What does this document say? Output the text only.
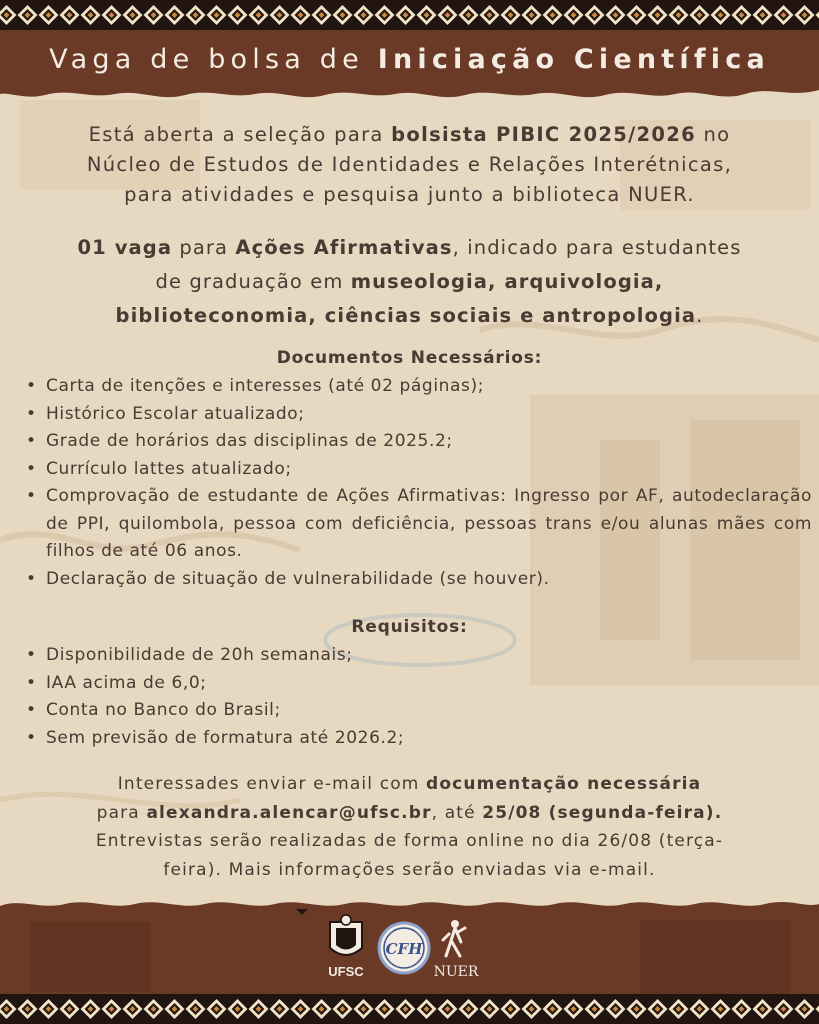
Vaga de bolsa de Iniciação Científica
Está aberta a seleção para bolsista PIBIC 2025/2026 no
Núcleo de Estudos de Identidades e Relações Interétnicas,
para atividades e pesquisa junto a biblioteca NUER.
01 vaga para Ações Afirmativas, indicado para estudantes
de graduação em museologia, arquivologia,
biblioteconomia, ciências sociais e antropologia.
Documentos Necessários:
• Carta de itenções e interesses (até 02 páginas);
• Histórico Escolar atualizado;
• Grade de horários das disciplinas de 2025.2;
• Currículo lattes atualizado;
• Comprovação de estudante de Ações Afirmativas: Ingresso por AF, autodeclaração de PPI, quilombola, pessoa com deficiência, pessoas trans e/ou alunas mães com filhos de até 06 anos.
• Declaração de situação de vulnerabilidade (se houver).
Requisitos:
• Disponibilidade de 20h semanais;
• IAA acima de 6,0;
• Conta no Banco do Brasil;
• Sem previsão de formatura até 2026.2;
Interessades enviar e-mail com documentação necessária
para alexandra.alencar@ufsc.br, até 25/08 (segunda-feira).
Entrevistas serão realizadas de forma online no dia 26/08 (terça-
feira). Mais informações serão enviadas via e-mail.
UFSC
CFH
NUER
